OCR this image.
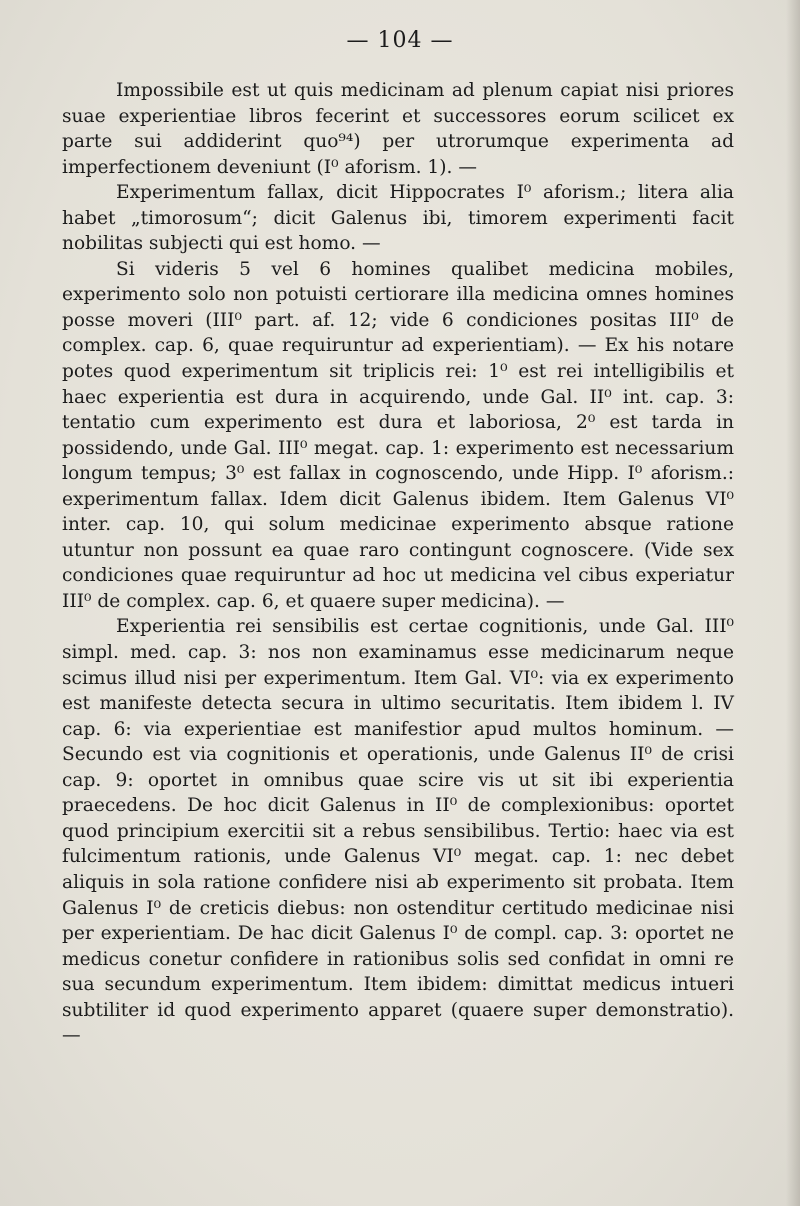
— 104 —

Impossibile est ut quis medicinam ad plenum capiat nisi priores suae experientiae libros fecerint et successores eorum scilicet ex parte sui addiderint quo⁹⁴) per utrorumque experimenta ad imperfectionem deveniunt (I⁰ aforism. 1). —

Experimentum fallax, dicit Hippocrates I⁰ aforism.; litera alia habet „timorosum“; dicit Galenus ibi, timorem experimenti facit nobilitas subjecti qui est homo. —

Si videris 5 vel 6 homines qualibet medicina mobiles, experimento solo non potuisti certiorare illa medicina omnes homines posse moveri (III⁰ part. af. 12; vide 6 condiciones positas III⁰ de complex. cap. 6, quae requiruntur ad experientiam). — Ex his notare potes quod experimentum sit triplicis rei: 1⁰ est rei intelligibilis et haec experientia est dura in acquirendo, unde Gal. II⁰ int. cap. 3: tentatio cum experimento est dura et laboriosa, 2⁰ est tarda in possidendo, unde Gal. III⁰ megat. cap. 1: experimento est necessarium longum tempus; 3⁰ est fallax in cognoscendo, unde Hipp. I⁰ aforism.: experimentum fallax. Idem dicit Galenus ibidem. Item Galenus VI⁰ inter. cap. 10, qui solum medicinae experimento absque ratione utuntur non possunt ea quae raro contingunt cognoscere. (Vide sex condiciones quae requiruntur ad hoc ut medicina vel cibus experiatur III⁰ de complex. cap. 6, et quaere super medicina). —

Experientia rei sensibilis est certae cognitionis, unde Gal. III⁰ simpl. med. cap. 3: nos non examinamus esse medicinarum neque scimus illud nisi per experimentum. Item Gal. VI⁰: via ex experimento est manifeste detecta secura in ultimo securitatis. Item ibidem l. IV cap. 6: via experientiae est manifestior apud multos hominum. — Secundo est via cognitionis et operationis, unde Galenus II⁰ de crisi cap. 9: oportet in omnibus quae scire vis ut sit ibi experientia praecedens. De hoc dicit Galenus in II⁰ de complexionibus: oportet quod principium exercitii sit a rebus sensibilibus. Tertio: haec via est fulcimentum rationis, unde Galenus VI⁰ megat. cap. 1: nec debet aliquis in sola ratione confidere nisi ab experimento sit probata. Item Galenus I⁰ de creticis diebus: non ostenditur certitudo medicinae nisi per experientiam. De hac dicit Galenus I⁰ de compl. cap. 3: oportet ne medicus conetur confidere in rationibus solis sed confidat in omni re sua secundum experimentum. Item ibidem: dimittat medicus intueri subtiliter id quod experimento apparet (quaere super demonstratio). —
